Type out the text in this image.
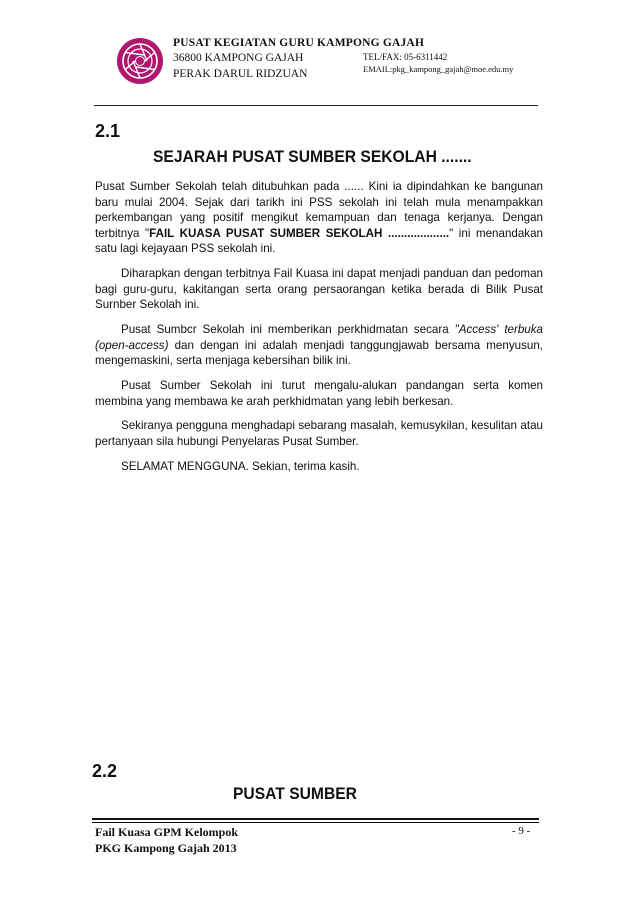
PUSAT KEGIATAN GURU KAMPONG GAJAH
36800 KAMPONG GAJAH
PERAK DARUL RIDZUAN
TEL/FAX: 05-6311442
EMAIL:pkg_kampong_gajah@moe.edu.my
2.1
SEJARAH PUSAT SUMBER SEKOLAH .......
Pusat Sumber Sekolah telah ditubuhkan pada ...... Kini ia dipindahkan ke bangunan baru mulai 2004. Sejak dari tarikh ini PSS sekolah ini telah mula menampakkan perkembangan yang positif mengikut kemampuan dan tenaga kerjanya. Dengan terbitnya "FAIL KUASA PUSAT SUMBER SEKOLAH ..................." ini menandakan satu lagi kejayaan PSS sekolah ini.
Diharapkan dengan terbitnya Fail Kuasa ini dapat menjadi panduan dan pedoman bagi guru-guru, kakitangan serta orang persaorangan ketika berada di Bilik Pusat Surnber Sekolah ini.
Pusat Sumbcr Sekolah ini memberikan perkhidmatan secara "Access' terbuka (open-access) dan dengan ini adalah menjadi tanggungjawab bersama menyusun, mengemaskini, serta menjaga kebersihan bilik ini.
Pusat Sumber Sekolah ini turut mengalu-alukan pandangan serta komen membina yang membawa ke arah perkhidmatan yang lebih berkesan.
Sekiranya pengguna menghadapi sebarang masalah, kemusykilan, kesulitan atau pertanyaan sila hubungi Penyelaras Pusat Sumber.
SELAMAT MENGGUNA. Sekian, terima kasih.
2.2
PUSAT SUMBER
Fail Kuasa GPM Kelompok
PKG Kampong Gajah 2013
- 9 -
